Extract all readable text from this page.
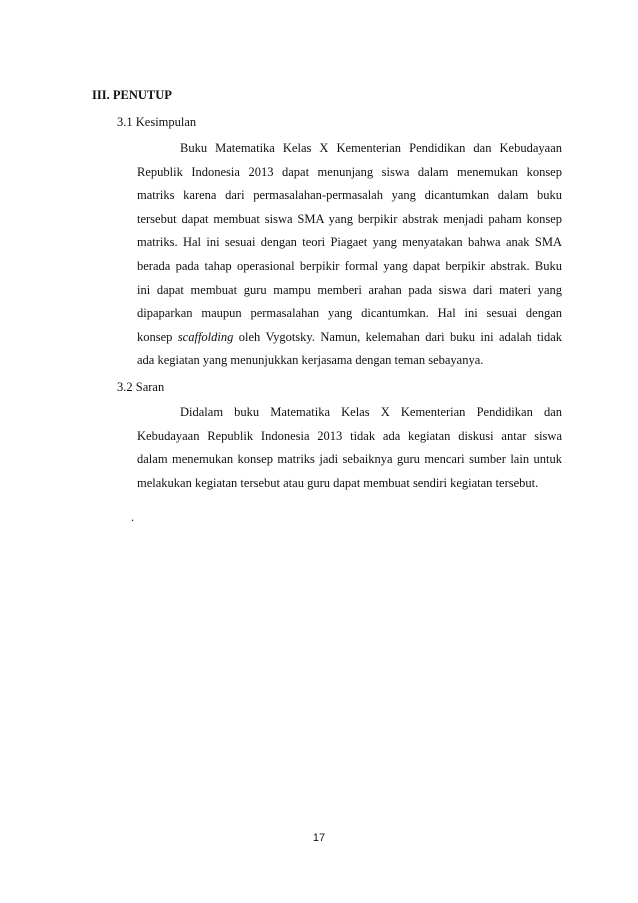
III. PENUTUP

3.1 Kesimpulan

Buku Matematika Kelas X Kementerian Pendidikan dan Kebudayaan
Republik Indonesia 2013 dapat menunjang siswa dalam menemukan konsep
matriks karena dari permasalahan-permasalah yang dicantumkan dalam buku
tersebut dapat membuat siswa SMA yang berpikir abstrak menjadi paham konsep
matriks. Hal ini sesuai dengan teori Piagaet yang menyatakan bahwa anak SMA
berada pada tahap operasional berpikir formal yang dapat berpikir abstrak. Buku
ini dapat membuat guru mampu memberi arahan pada siswa dari materi yang
dipaparkan maupun permasalahan yang dicantumkan. Hal ini sesuai dengan
konsep scaffolding oleh Vygotsky. Namun, kelemahan dari buku ini adalah tidak
ada kegiatan yang menunjukkan kerjasama dengan teman sebayanya.

3.2 Saran

Didalam buku Matematika Kelas X Kementerian Pendidikan dan
Kebudayaan Republik Indonesia 2013 tidak ada kegiatan diskusi antar siswa
dalam menemukan konsep matriks jadi sebaiknya guru mencari sumber lain untuk
melakukan kegiatan tersebut atau guru dapat membuat sendiri kegiatan tersebut.

.

17
